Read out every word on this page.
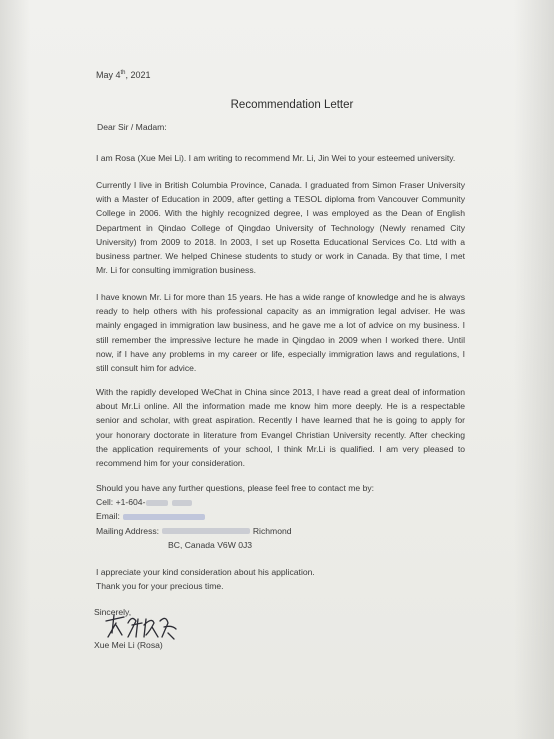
May 4th, 2021
Recommendation Letter
Dear Sir / Madam:
I am Rosa (Xue Mei Li). I am writing to recommend Mr. Li, Jin Wei to your esteemed university.
Currently I live in British Columbia Province, Canada. I graduated from Simon Fraser University with a Master of Education in 2009, after getting a TESOL diploma from Vancouver Community College in 2006. With the highly recognized degree, I was employed as the Dean of English Department in Qindao College of Qingdao University of Technology (Newly renamed City University) from 2009 to 2018. In 2003, I set up Rosetta Educational Services Co. Ltd with a business partner. We helped Chinese students to study or work in Canada. By that time, I met Mr. Li for consulting immigration business.
I have known Mr. Li for more than 15 years. He has a wide range of knowledge and he is always ready to help others with his professional capacity as an immigration legal adviser. He was mainly engaged in immigration law business, and he gave me a lot of advice on my business. I still remember the impressive lecture he made in Qingdao in 2009 when I worked there. Until now, if I have any problems in my career or life, especially immigration laws and regulations, I still consult him for advice.
With the rapidly developed WeChat in China since 2013, I have read a great deal of information about Mr.Li online. All the information made me know him more deeply. He is a respectable senior and scholar, with great aspiration. Recently I have learned that he is going to apply for your honorary doctorate in literature from Evangel Christian University recently. After checking the application requirements of your school, I think Mr.Li is qualified. I am very pleased to recommend him for your consideration.
Should you have any further questions, please feel free to contact me by:
Cell: +1-604-
Email:
Mailing Address:	Richmond
BC, Canada V6W 0J3
I appreciate your kind consideration about his application.
Thank you for your precious time.
Sincerely,
Xue Mei Li (Rosa)
